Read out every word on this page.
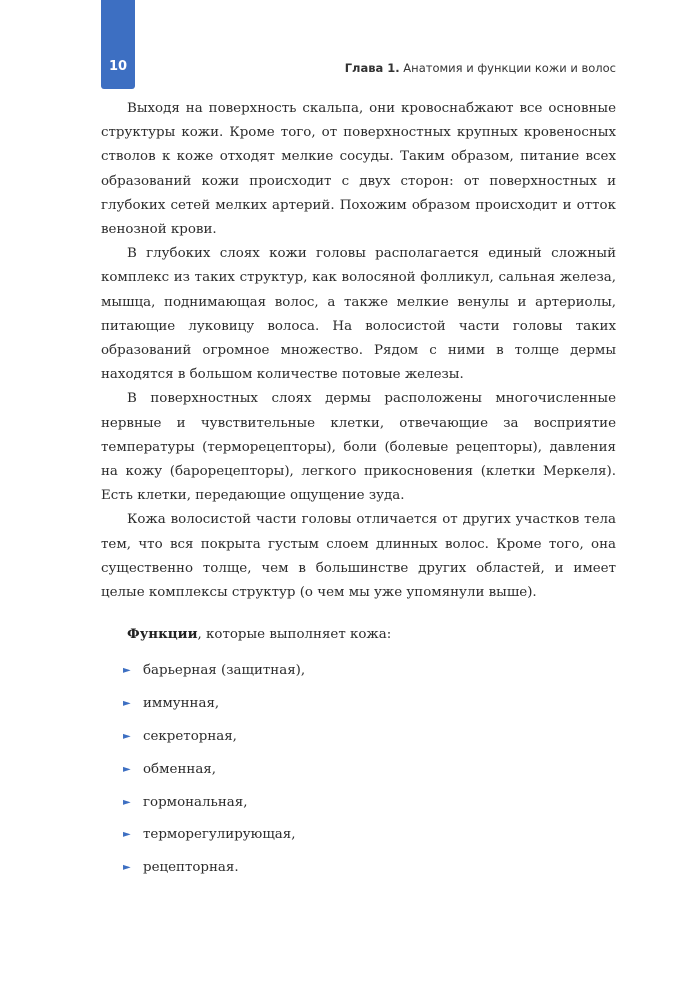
10	Глава 1. Анатомия и функции кожи и волос

Выходя на поверхность скальпа, они кровоснабжают все основные структуры кожи. Кроме того, от поверхностных крупных кровеносных стволов к коже отходят мелкие сосуды. Таким образом, питание всех образований кожи происходит с двух сторон: от поверхностных и глубоких сетей мелких артерий. Похожим образом происходит и отток венозной крови.

В глубоких слоях кожи головы располагается единый сложный комплекс из таких структур, как волосяной фолликул, сальная железа, мышца, поднимающая волос, а также мелкие венулы и артериолы, питающие луковицу волоса. На волосистой части головы таких образований огромное множество. Рядом с ними в толще дермы находятся в большом количестве потовые железы.

В поверхностных слоях дермы расположены многочисленные нервные и чувствительные клетки, отвечающие за восприятие температуры (терморецепторы), боли (болевые рецепторы), давления на кожу (барорецепторы), легкого прикосновения (клетки Меркеля). Есть клетки, передающие ощущение зуда.

Кожа волосистой части головы отличается от других участков тела тем, что вся покрыта густым слоем длинных волос. Кроме того, она существенно толще, чем в большинстве других областей, и имеет целые комплексы структур (о чем мы уже упомянули выше).

Функции, которые выполняет кожа:

► барьерная (защитная),
► иммунная,
► секреторная,
► обменная,
► гормональная,
► терморегулирующая,
► рецепторная.
